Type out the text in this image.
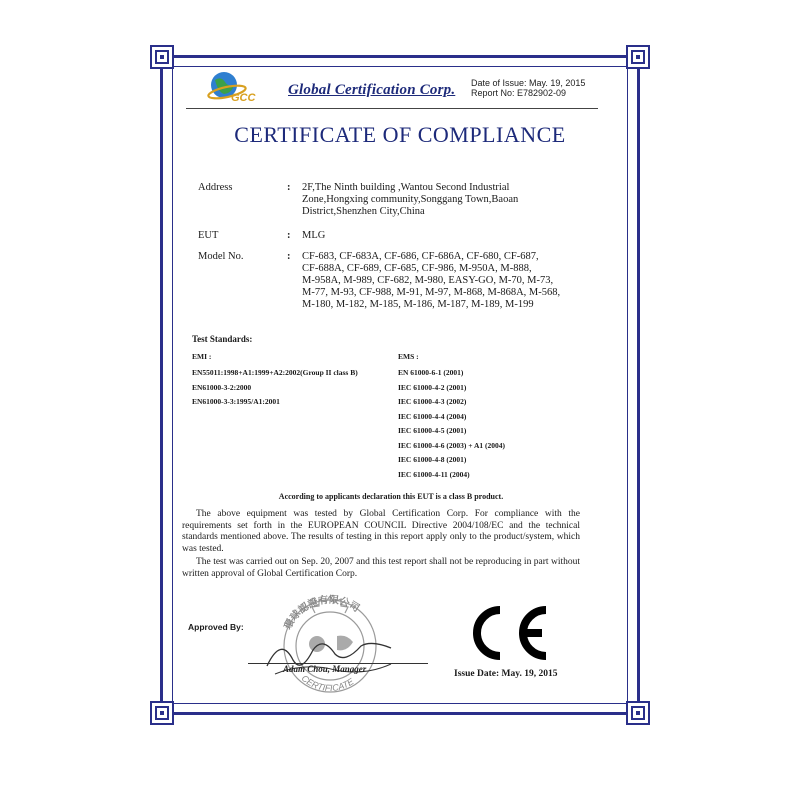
GCC Global Certification Corp. Date of Issue: May. 19, 2015
Report No: E782902-09
CERTIFICATE OF COMPLIANCE
Address	: 2F,The Ninth building ,Wantou Second Industrial
Zone,Hongxing community,Songgang Town,Baoan
District,Shenzhen City,China
EUT	: MLG
Model No.	: CF-683, CF-683A, CF-686, CF-686A, CF-680, CF-687,
CF-688A, CF-689, CF-685, CF-986, M-950A, M-888,
M-958A, M-989, CF-682, M-980, EASY-GO, M-70, M-73,
M-77, M-93, CF-988, M-91, M-97, M-868, M-868A, M-568,
M-180, M-182, M-185, M-186, M-187, M-189, M-199
Test Standards:
EMI :	EMS :
EN55011:1998+A1:1999+A2:2002(Group II class B)
EN61000-3-2:2000
EN61000-3-3:1995/A1:2001
EN 61000-6-1 (2001)
IEC 61000-4-2 (2001)
IEC 61000-4-3 (2002)
IEC 61000-4-4 (2004)
IEC 61000-4-5 (2001)
IEC 61000-4-6 (2003) + A1 (2004)
IEC 61000-4-8 (2001)
IEC 61000-4-11 (2004)
According to applicants declaration this EUT is a class B product.
The above equipment was tested by Global Certification Corp. For compliance with the requirements set forth in the EUROPEAN COUNCIL Directive 2004/108/EC and the technical standards mentioned above. The results of testing in this report apply only to the product/system, which was tested.
The test was carried out on Sep. 20, 2007 and this test report shall not be reproducing in part without written approval of Global Certification Corp.
Approved By:	環球認證有限公司
CERTIFICATE
Adam Chou, Manager
CE
Issue Date: May. 19, 2015
